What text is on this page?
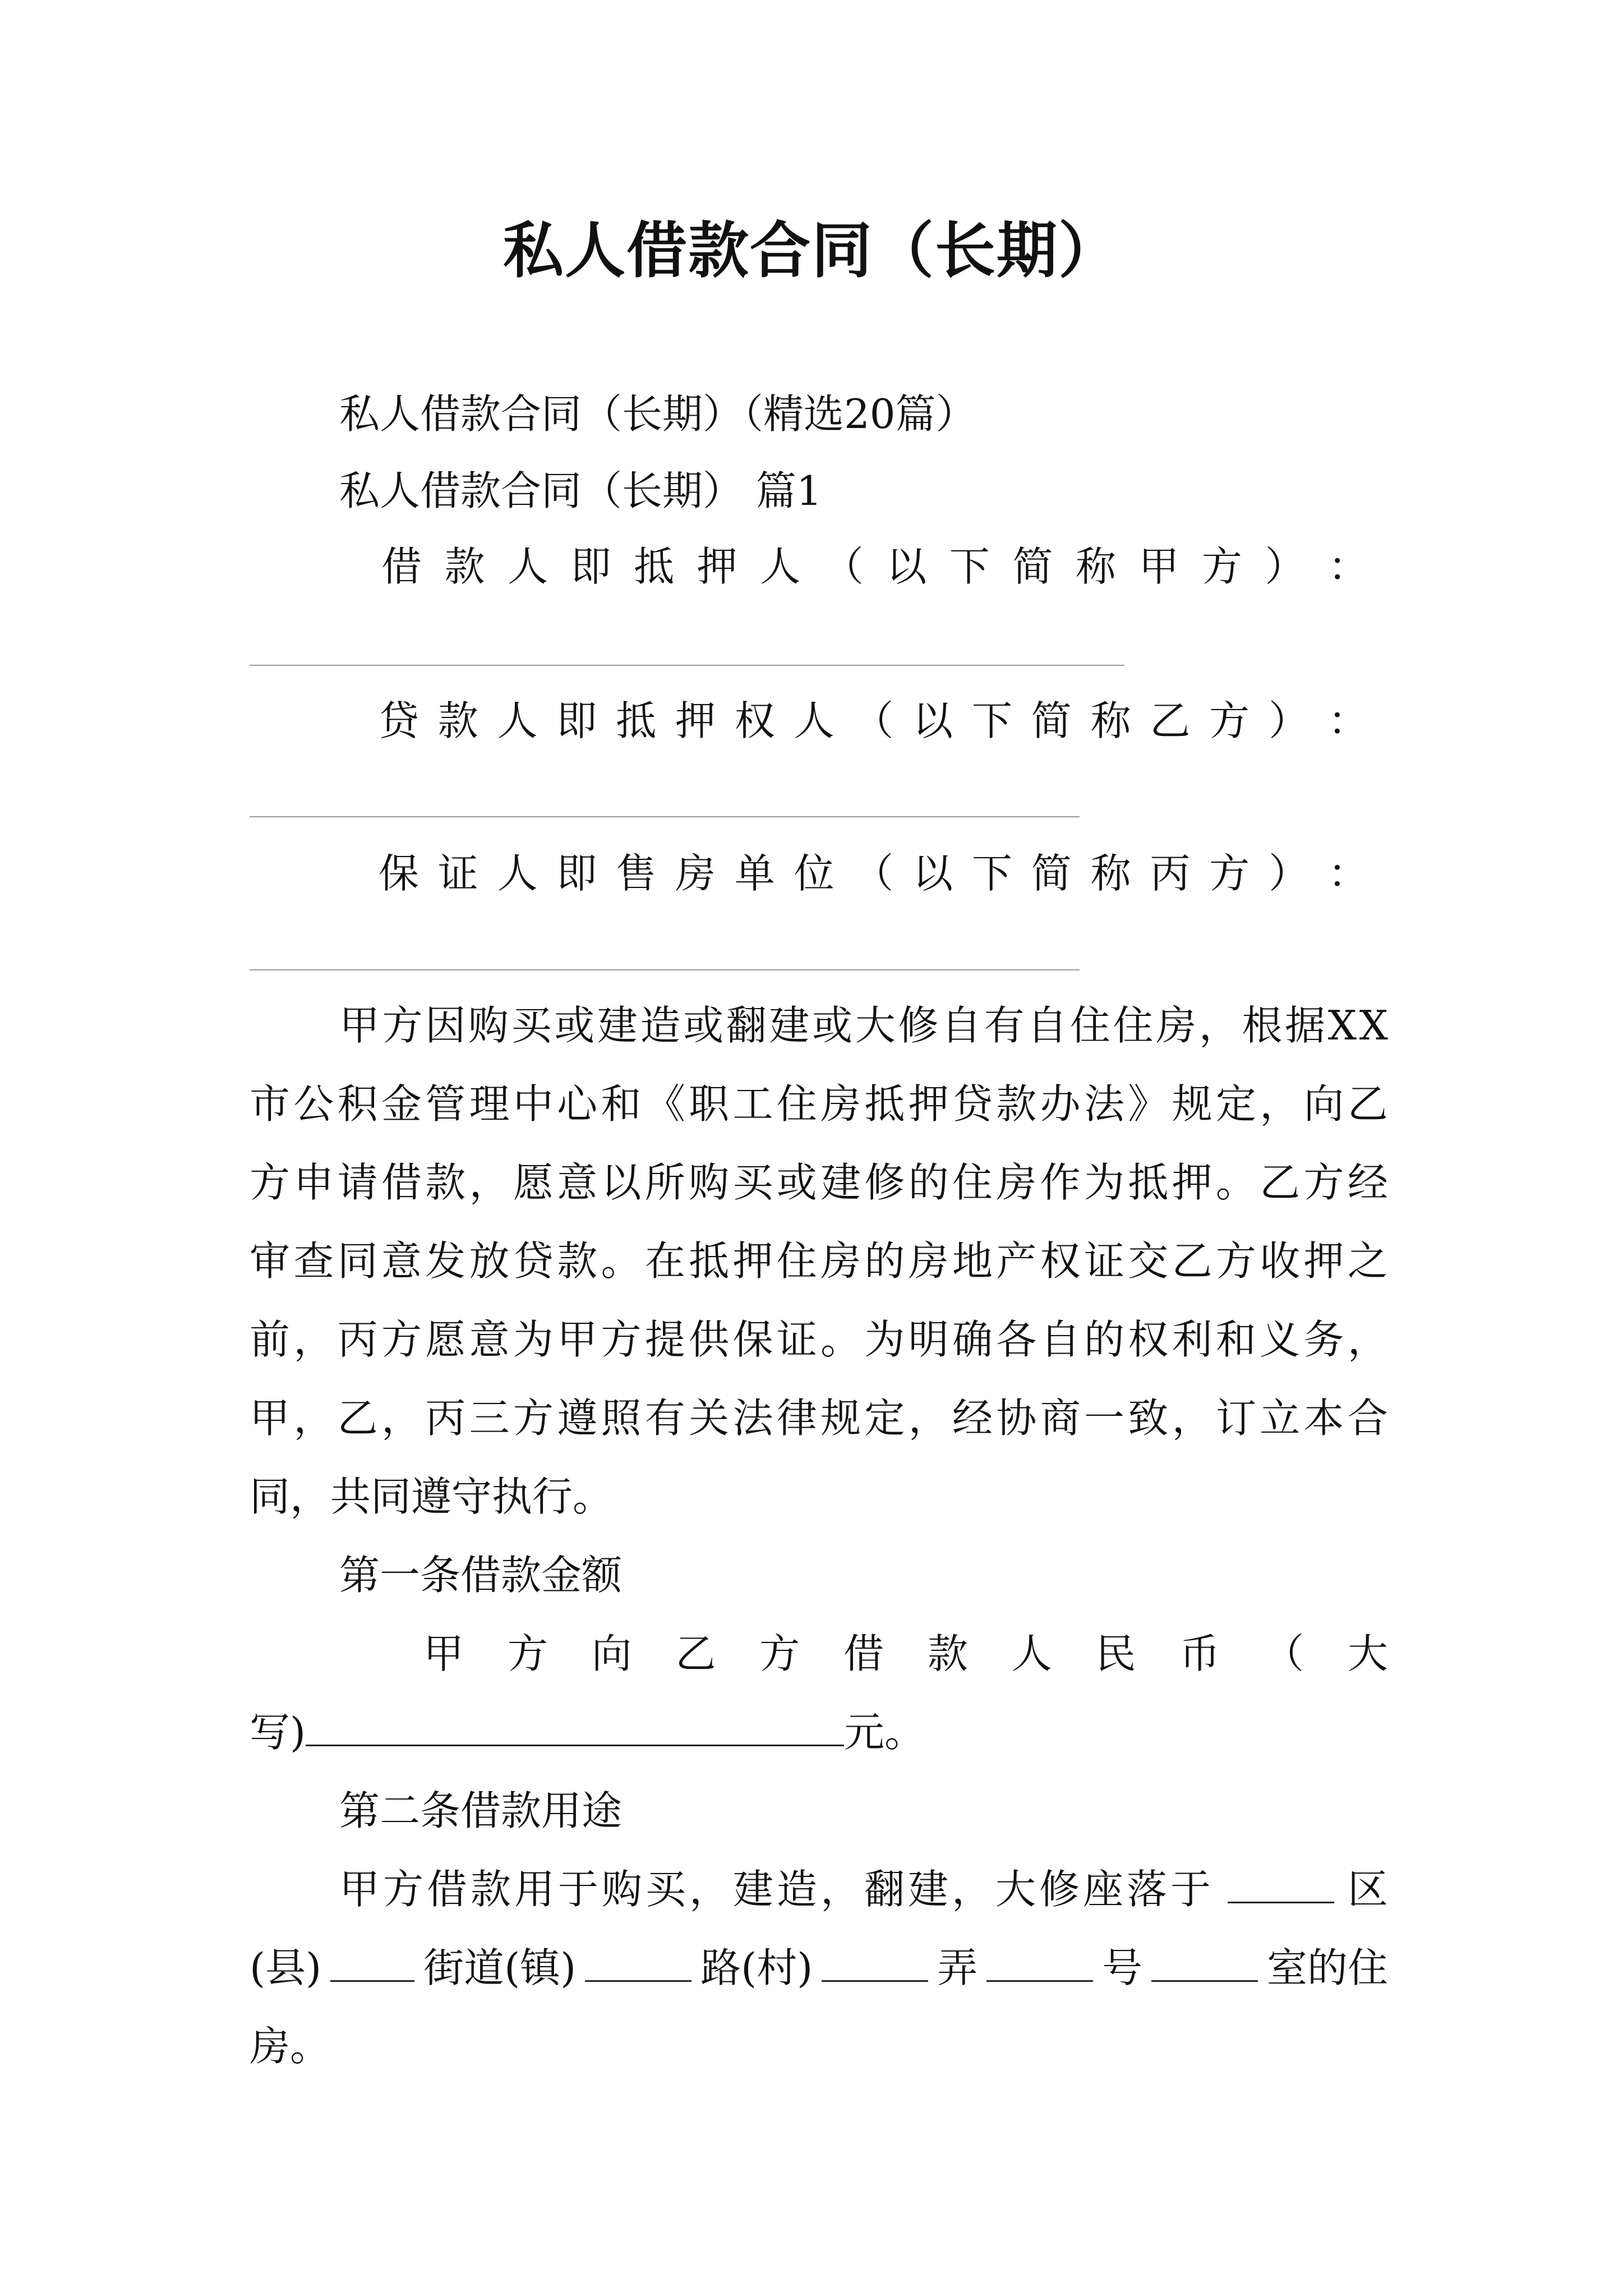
私人借款合同（长期）
私人借款合同（长期）（精选20篇）
私人借款合同（长期） 篇1
借 款 人 即 抵 押 人 （ 以 下 简 称 甲 方 ） ：
贷 款 人 即 抵 押 权 人 （ 以 下 简 称 乙 方 ） ：
保 证 人 即 售 房 单 位 （ 以 下 简 称 丙 方 ） ：
甲 方 因 购 买 或 建 造 或 翻 建 或 大 修 自 有 自 住 住 房 ， 根 据 X X
市 公 积 金 管 理 中 心 和 《 职 工 住 房 抵 押 贷 款 办 法 》 规 定 ， 向 乙
方 申 请 借 款 ， 愿 意 以 所 购 买 或 建 修 的 住 房 作 为 抵 押 。 乙 方 经
审 查 同 意 发 放 贷 款 。 在 抵 押 住 房 的 房 地 产 权 证 交 乙 方 收 押 之
前 ， 丙 方 愿 意 为 甲 方 提 供 保 证 。 为 明 确 各 自 的 权 利 和 义 务 ，
甲 ， 乙 ， 丙 三 方 遵 照 有 关 法 律 规 定 ， 经 协 商 一 致 ， 订 立 本 合
同，共同遵守执行。
第一条借款金额
甲 方 向 乙 方 借 款 人 民 币 （ 大
写)	元。
第二条借款用途
甲方借款用于购买，建造，翻建，大修座落于	区
(县)	街道(镇)	路(村)	弄	号	室的住
房。
